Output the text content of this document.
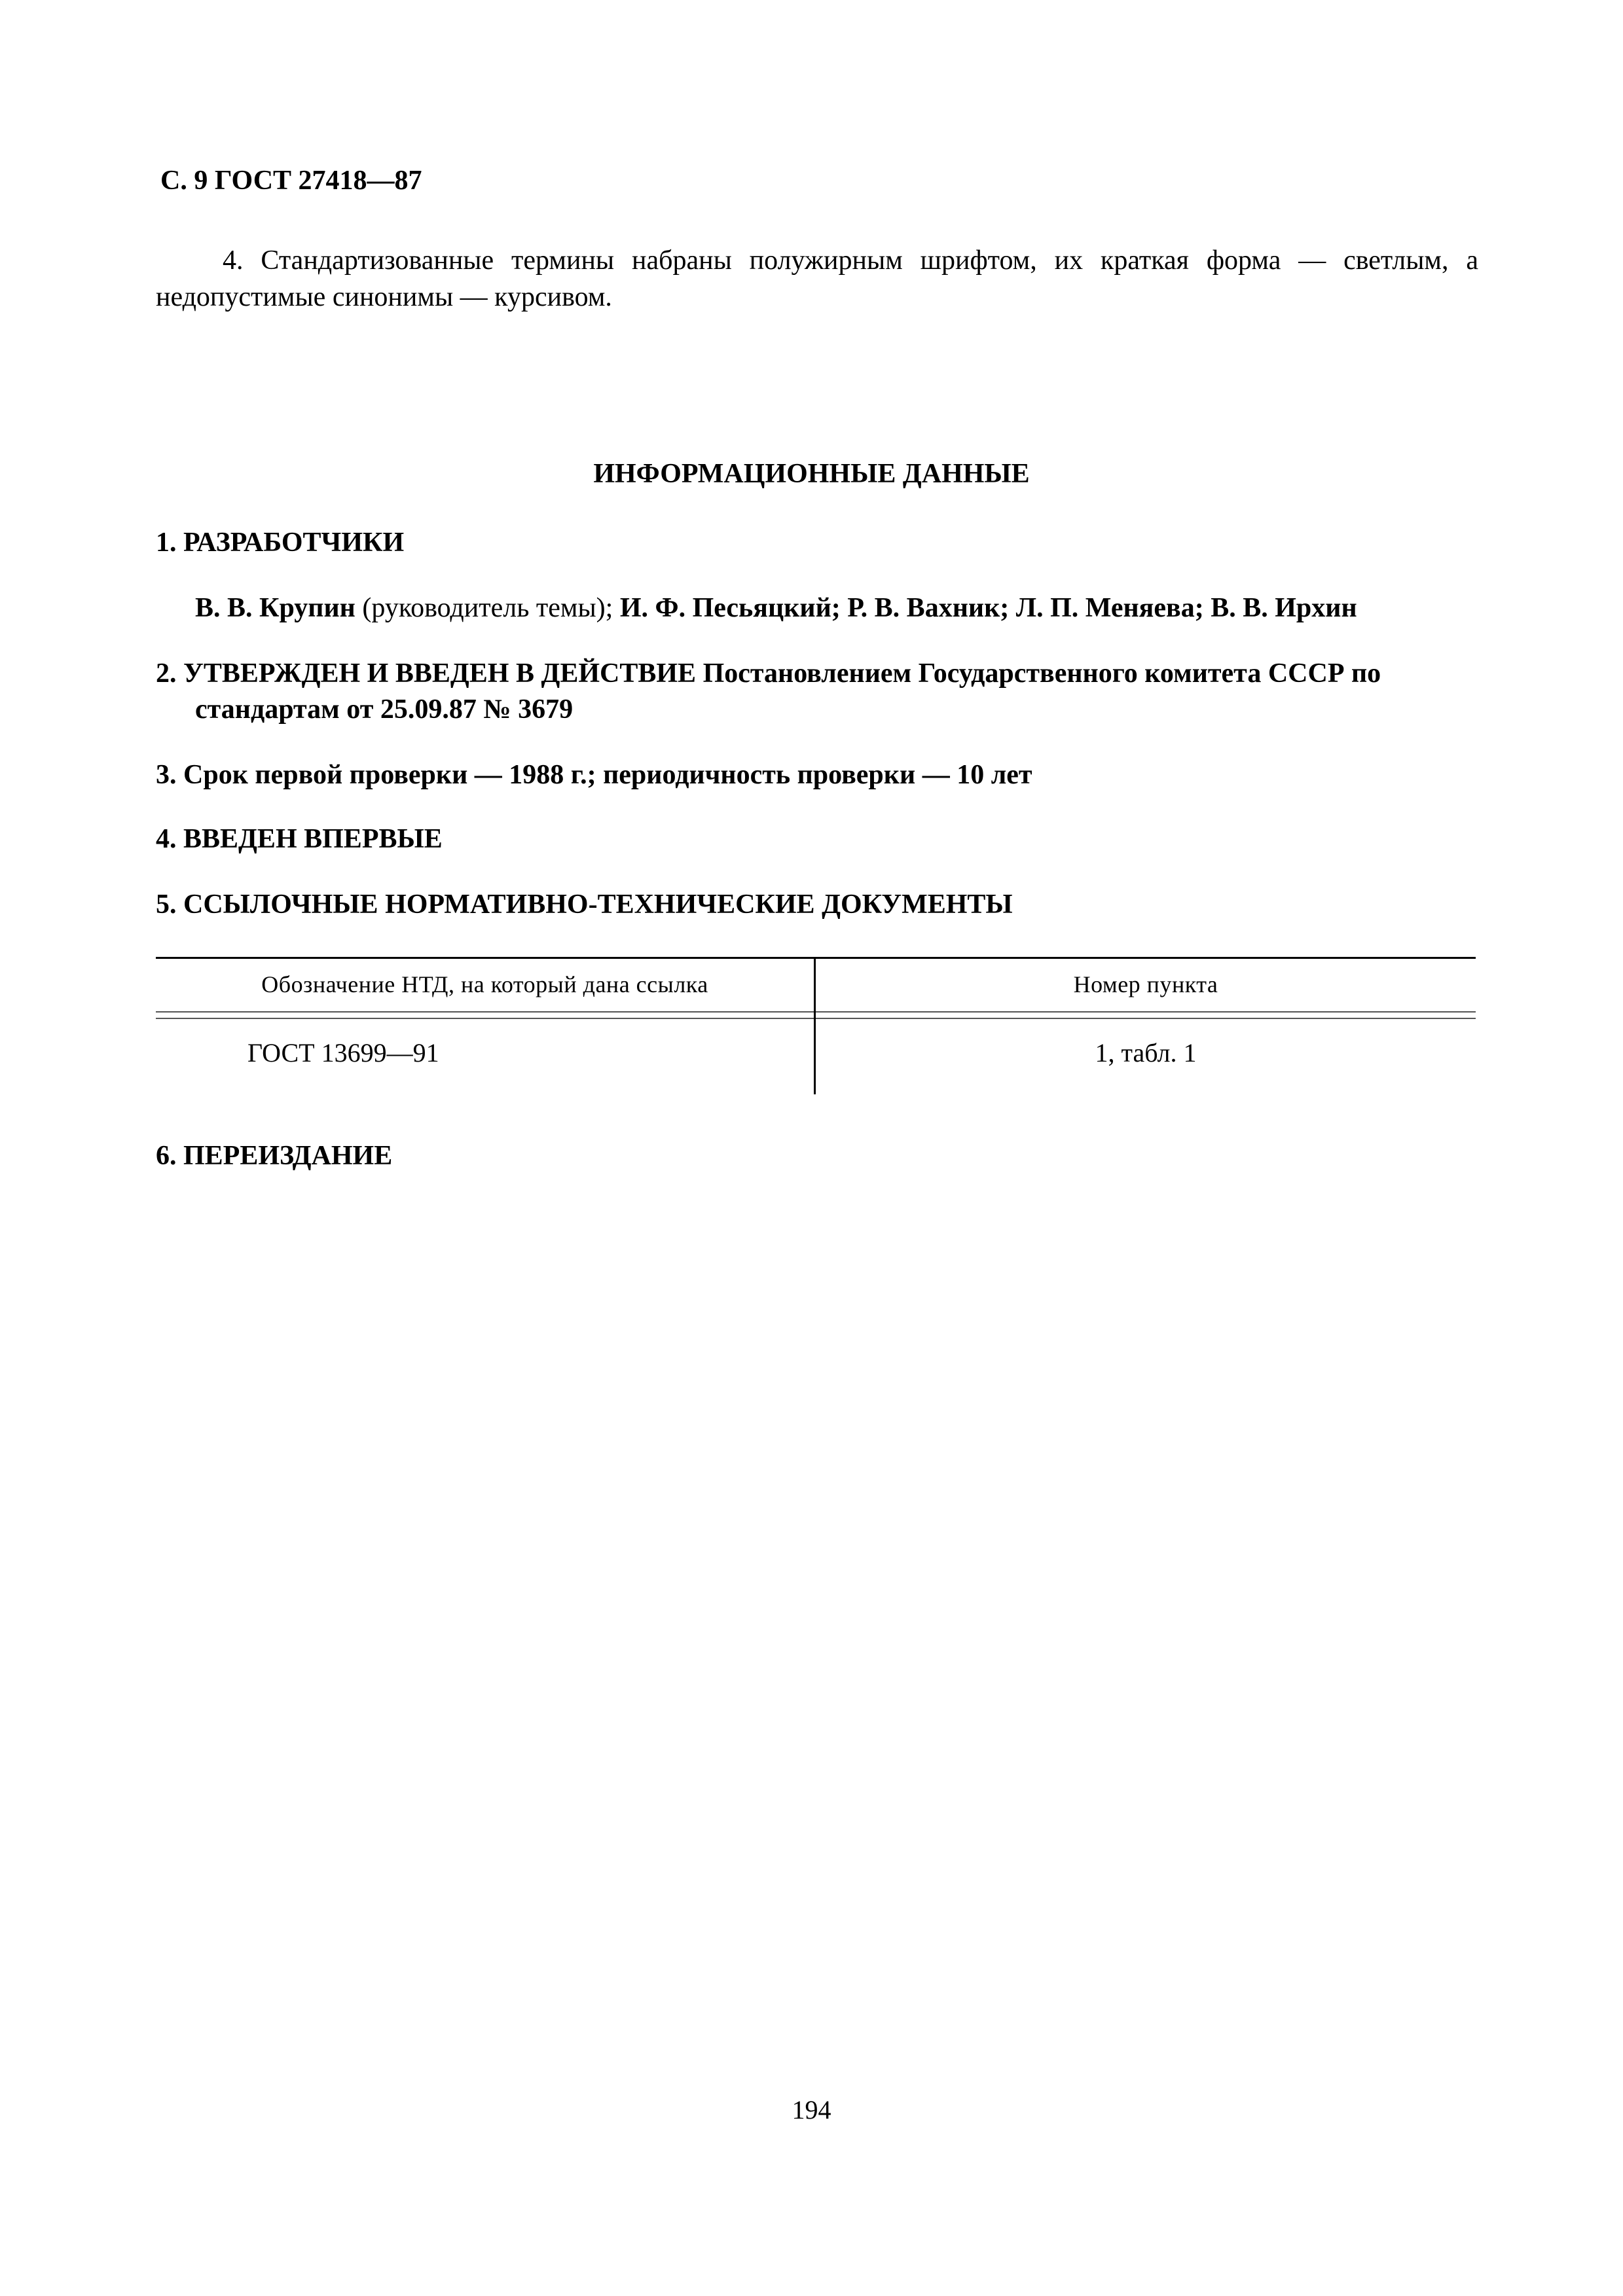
С. 9 ГОСТ 27418—87
4. Стандартизованные термины набраны полужирным шрифтом, их краткая форма — светлым, а
недопустимые синонимы — курсивом.
ИНФОРМАЦИОННЫЕ ДАННЫЕ
1. РАЗРАБОТЧИКИ
В. В. Крупин (руководитель темы); И. Ф. Песьяцкий; Р. В. Вахник; Л. П. Меняева; В. В. Ирхин
2. УТВЕРЖДЕН И ВВЕДЕН В ДЕЙСТВИЕ Постановлением Государственного комитета СССР по
стандартам от 25.09.87 № 3679
3. Срок первой проверки — 1988 г.; периодичность проверки — 10 лет
4. ВВЕДЕН ВПЕРВЫЕ
5. ССЫЛОЧНЫЕ НОРМАТИВНО-ТЕХНИЧЕСКИЕ ДОКУМЕНТЫ
Обозначение НТД, на который дана ссылка	Номер пункта
ГОСТ 13699—91	1, табл. 1
6. ПЕРЕИЗДАНИЕ
194
